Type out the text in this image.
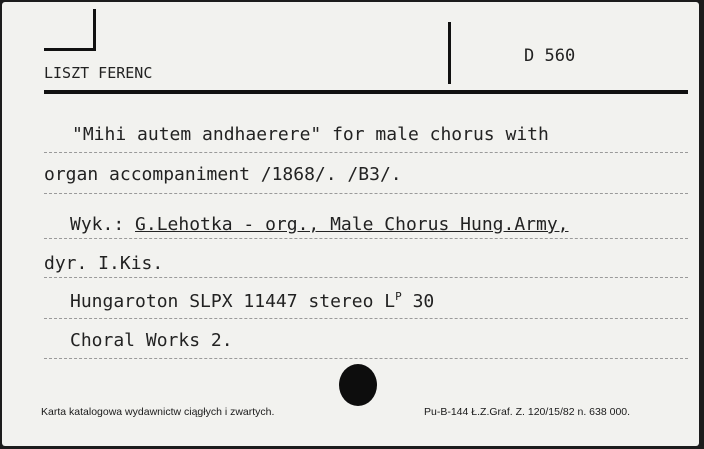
LISZT FERENC
D 560
"Mihi autem andhaerere" for male chorus with
organ accompaniment /1868/. /B3/.
Wyk.: G.Lehotka - org., Male Chorus Hung.Army,
dyr. I.Kis.
Hungaroton SLPX 11447 stereo $L^P$ 30
Choral Works 2.
Karta katalogowa wydawnictw ciągłych i zwartych.	Pu-B-144 Ł.Z.Graf. Z. 120/15/82 n. 638 000.
